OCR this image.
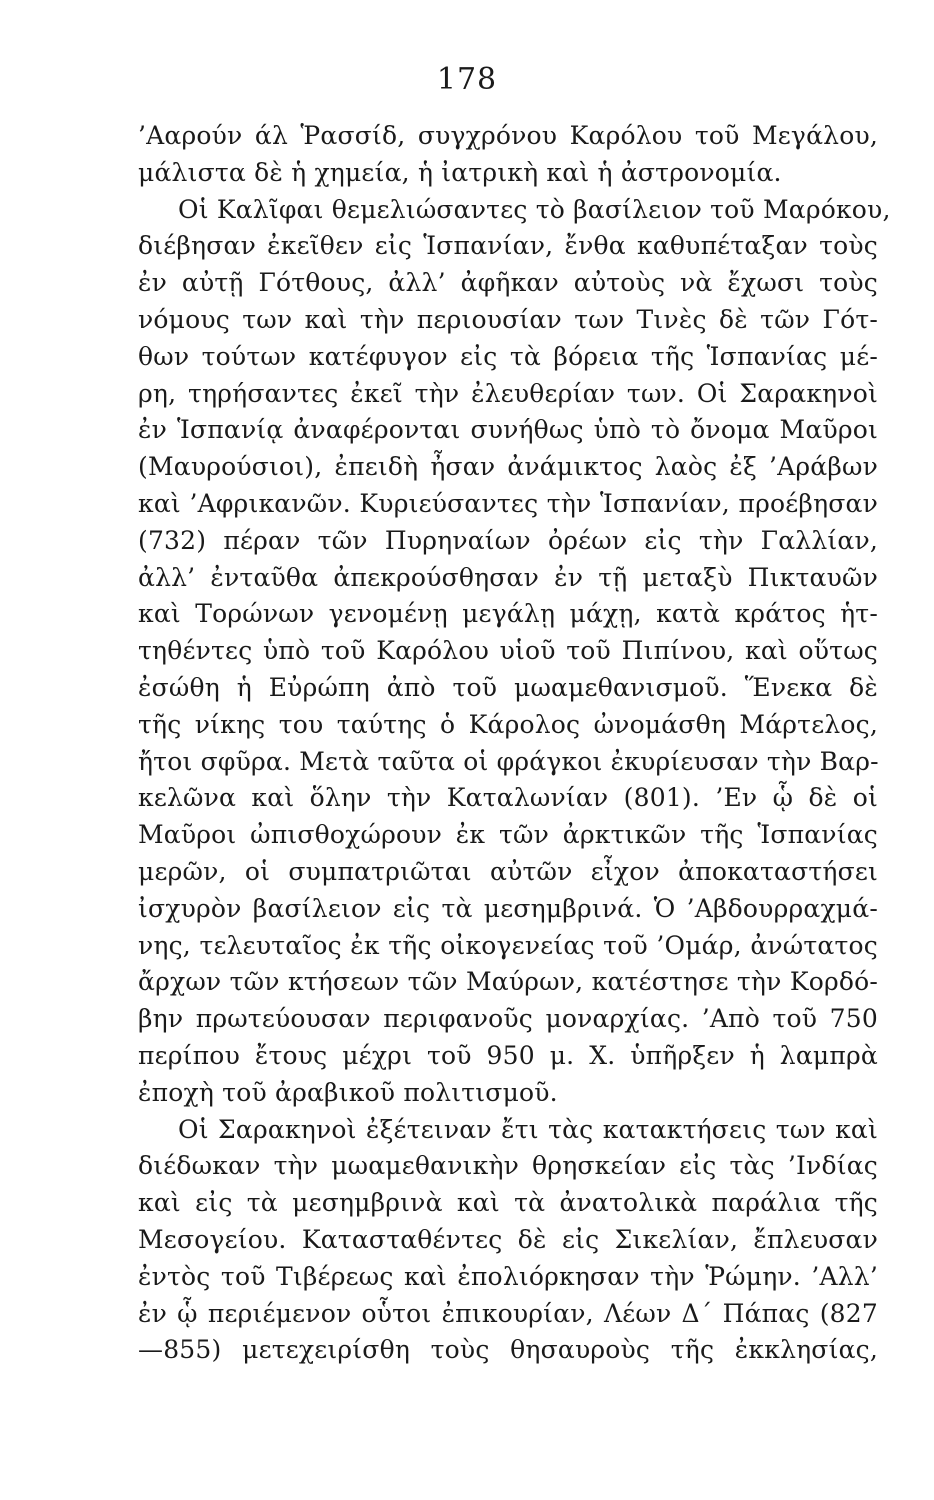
178
’Ααρούν άλ Ῥασσίδ, συγχρόνου Καρόλου τοῦ Μεγάλου,
μάλιστα δὲ ἡ χημεία, ἡ ἰατρικὴ καὶ ἡ ἀστρονομία.
Οἱ Καλῖφαι θεμελιώσαντες τὸ βασίλειον τοῦ Μαρόκου,
διέβησαν ἐκεῖθεν εἰς Ἱσπανίαν, ἔνθα καθυπέταξαν τοὺς
ἐν αὐτῇ Γότθους, ἀλλ’ ἀφῆκαν αὐτοὺς νὰ ἔχωσι τοὺς
νόμους των καὶ τὴν περιουσίαν των Τινὲς δὲ τῶν Γότ-
θων τούτων κατέφυγον εἰς τὰ βόρεια τῆς Ἱσπανίας μέ-
ρη, τηρήσαντες ἐκεῖ τὴν ἐλευθερίαν των. Οἱ Σαρακηνοὶ
ἐν Ἱσπανίᾳ ἀναφέρονται συνήθως ὑπὸ τὸ ὄνομα Μαῦροι
(Μαυρούσιοι), ἐπειδὴ ἦσαν ἀνάμικτος λαὸς ἐξ ’Αράβων
καὶ ’Αφρικανῶν. Κυριεύσαντες τὴν Ἱσπανίαν, προέβησαν
(732) πέραν τῶν Πυρηναίων ὀρέων εἰς τὴν Γαλλίαν,
ἀλλ’ ἐνταῦθα ἀπεκρούσθησαν ἐν τῇ μεταξὺ Πικταυῶν
καὶ Τορώνων γενομένῃ μεγάλῃ μάχῃ, κατὰ κράτος ἡτ-
τηθέντες ὑπὸ τοῦ Καρόλου υἱοῦ τοῦ Πιπίνου, καὶ οὕτως
ἐσώθη ἡ Εὐρώπη ἀπὸ τοῦ μωαμεθανισμοῦ. Ἕνεκα δὲ
τῆς νίκης του ταύτης ὁ Κάρολος ὠνομάσθη Μάρτελος,
ἤτοι σφῦρα. Μετὰ ταῦτα οἱ φράγκοι ἐκυρίευσαν τὴν Βαρ-
κελῶνα καὶ ὅλην τὴν Καταλωνίαν (801). ’Εν ᾧ δὲ οἱ
Μαῦροι ὠπισθοχώρουν ἐκ τῶν ἀρκτικῶν τῆς Ἱσπανίας
μερῶν, οἱ συμπατριῶται αὐτῶν εἶχον ἀποκαταστήσει
ἰσχυρὸν βασίλειον εἰς τὰ μεσημβρινά. Ὁ ’Αβδουρραχμά-
νης, τελευταῖος ἐκ τῆς οἰκογενείας τοῦ ’Ομάρ, ἀνώτατος
ἄρχων τῶν κτήσεων τῶν Μαύρων, κατέστησε τὴν Κορδό-
βην πρωτεύουσαν περιφανοῦς μοναρχίας. ’Απὸ τοῦ 750
περίπου ἔτους μέχρι τοῦ 950 μ. Χ. ὑπῆρξεν ἡ λαμπρὰ
ἐποχὴ τοῦ ἀραβικοῦ πολιτισμοῦ.
Οἱ Σαρακηνοὶ ἐξέτειναν ἔτι τὰς κατακτήσεις των καὶ
διέδωκαν τὴν μωαμεθανικὴν θρησκείαν εἰς τὰς ’Ινδίας
καὶ εἰς τὰ μεσημβρινὰ καὶ τὰ ἀνατολικὰ παράλια τῆς
Μεσογείου. Κατασταθέντες δὲ εἰς Σικελίαν, ἔπλευσαν
ἐντὸς τοῦ Τιβέρεως καὶ ἐπολιόρκησαν τὴν Ῥώμην. ’Αλλ’
ἐν ᾧ περιέμενον οὗτοι ἐπικουρίαν, Λέων Δ΄ Πάπας (827
—855) μετεχειρίσθη τοὺς θησαυροὺς τῆς ἐκκλησίας,
